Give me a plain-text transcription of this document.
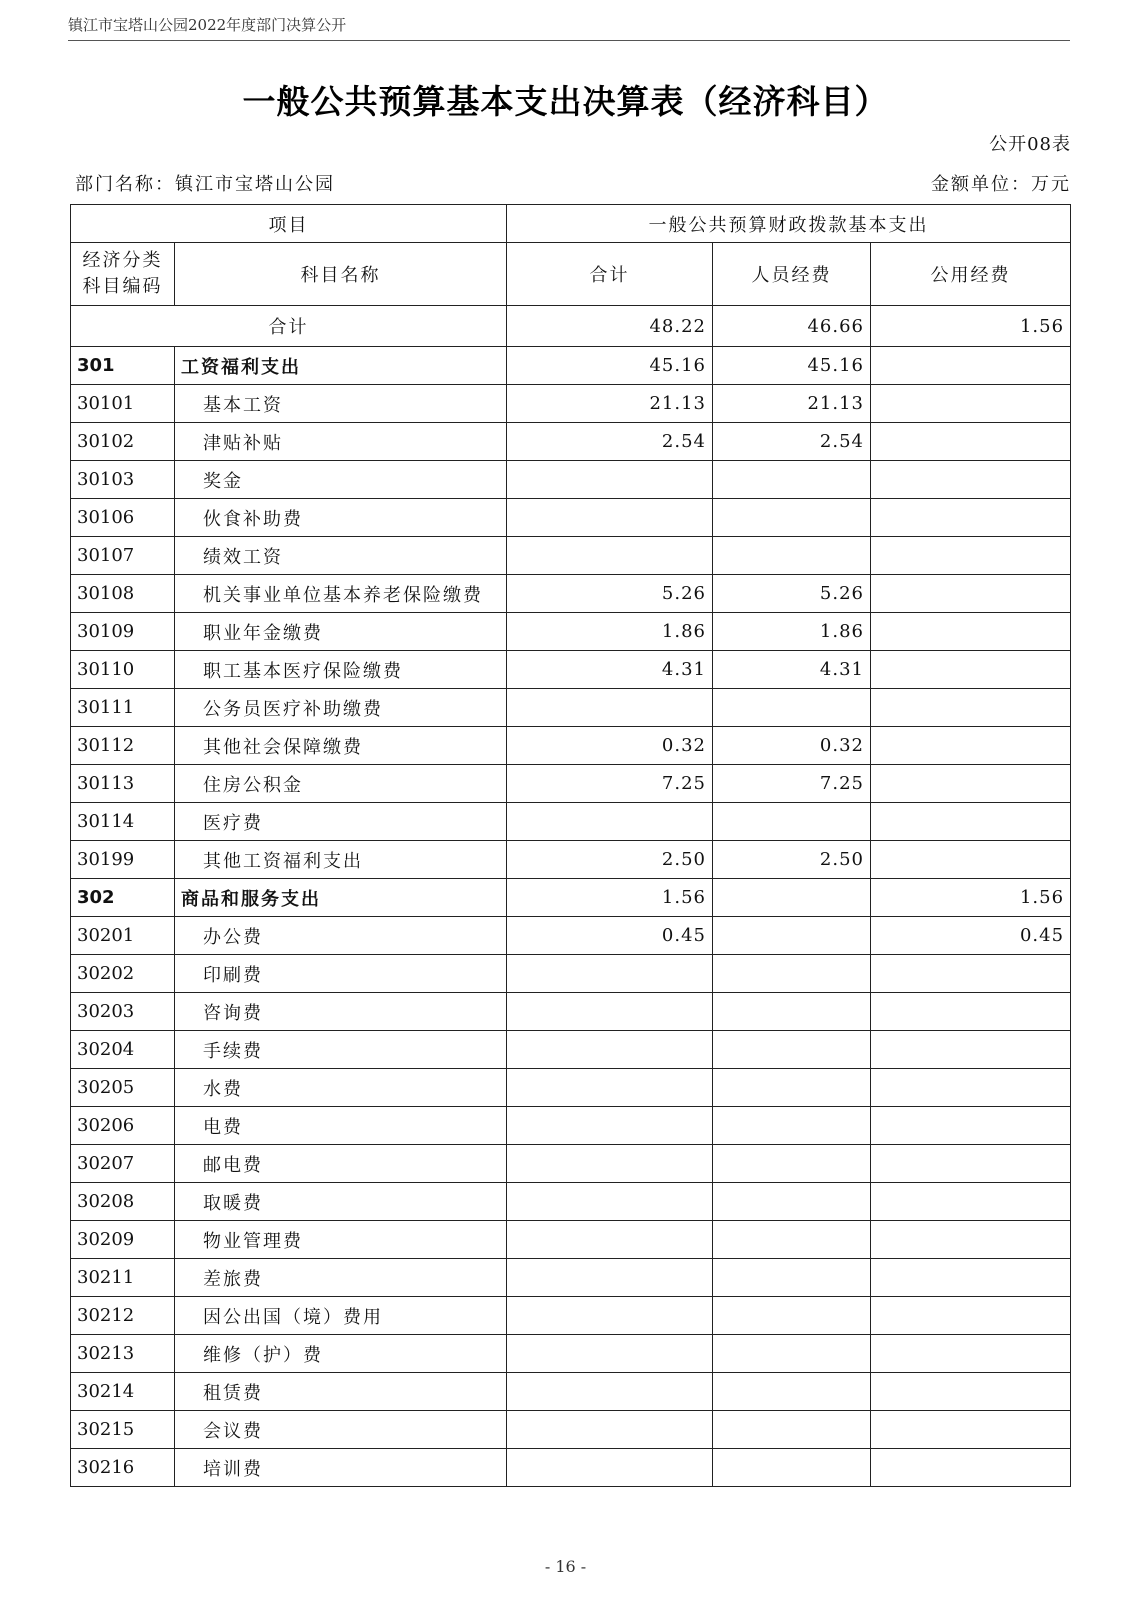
镇江市宝塔山公园2022年度部门决算公开
一般公共预算基本支出决算表（经济科目）
公开08表
部门名称：镇江市宝塔山公园	金额单位：万元
项目		一般公共预算财政拨款基本支出		

经济分类
科目编码	科目名称	合计	人员经费	公用经费
合计		48.22	46.66	1.56
301	工资福利支出	45.16	45.16	
30101	基本工资	21.13	21.13	
30102	津贴补贴	2.54	2.54	
30103	奖金			
30106	伙食补助费			
30107	绩效工资			
30108	机关事业单位基本养老保险缴费	5.26	5.26	
30109	职业年金缴费	1.86	1.86	
30110	职工基本医疗保险缴费	4.31	4.31	
30111	公务员医疗补助缴费			
30112	其他社会保障缴费	0.32	0.32	
30113	住房公积金	7.25	7.25	
30114	医疗费			
30199	其他工资福利支出	2.50	2.50	
302	商品和服务支出	1.56		1.56
30201	办公费	0.45		0.45
30202	印刷费			
30203	咨询费			
30204	手续费			
30205	水费			
30206	电费			
30207	邮电费			
30208	取暖费			
30209	物业管理费			
30211	差旅费			
30212	因公出国（境）费用			
30213	维修（护）费			
30214	租赁费			
30215	会议费			
30216	培训费			
- 16 -
